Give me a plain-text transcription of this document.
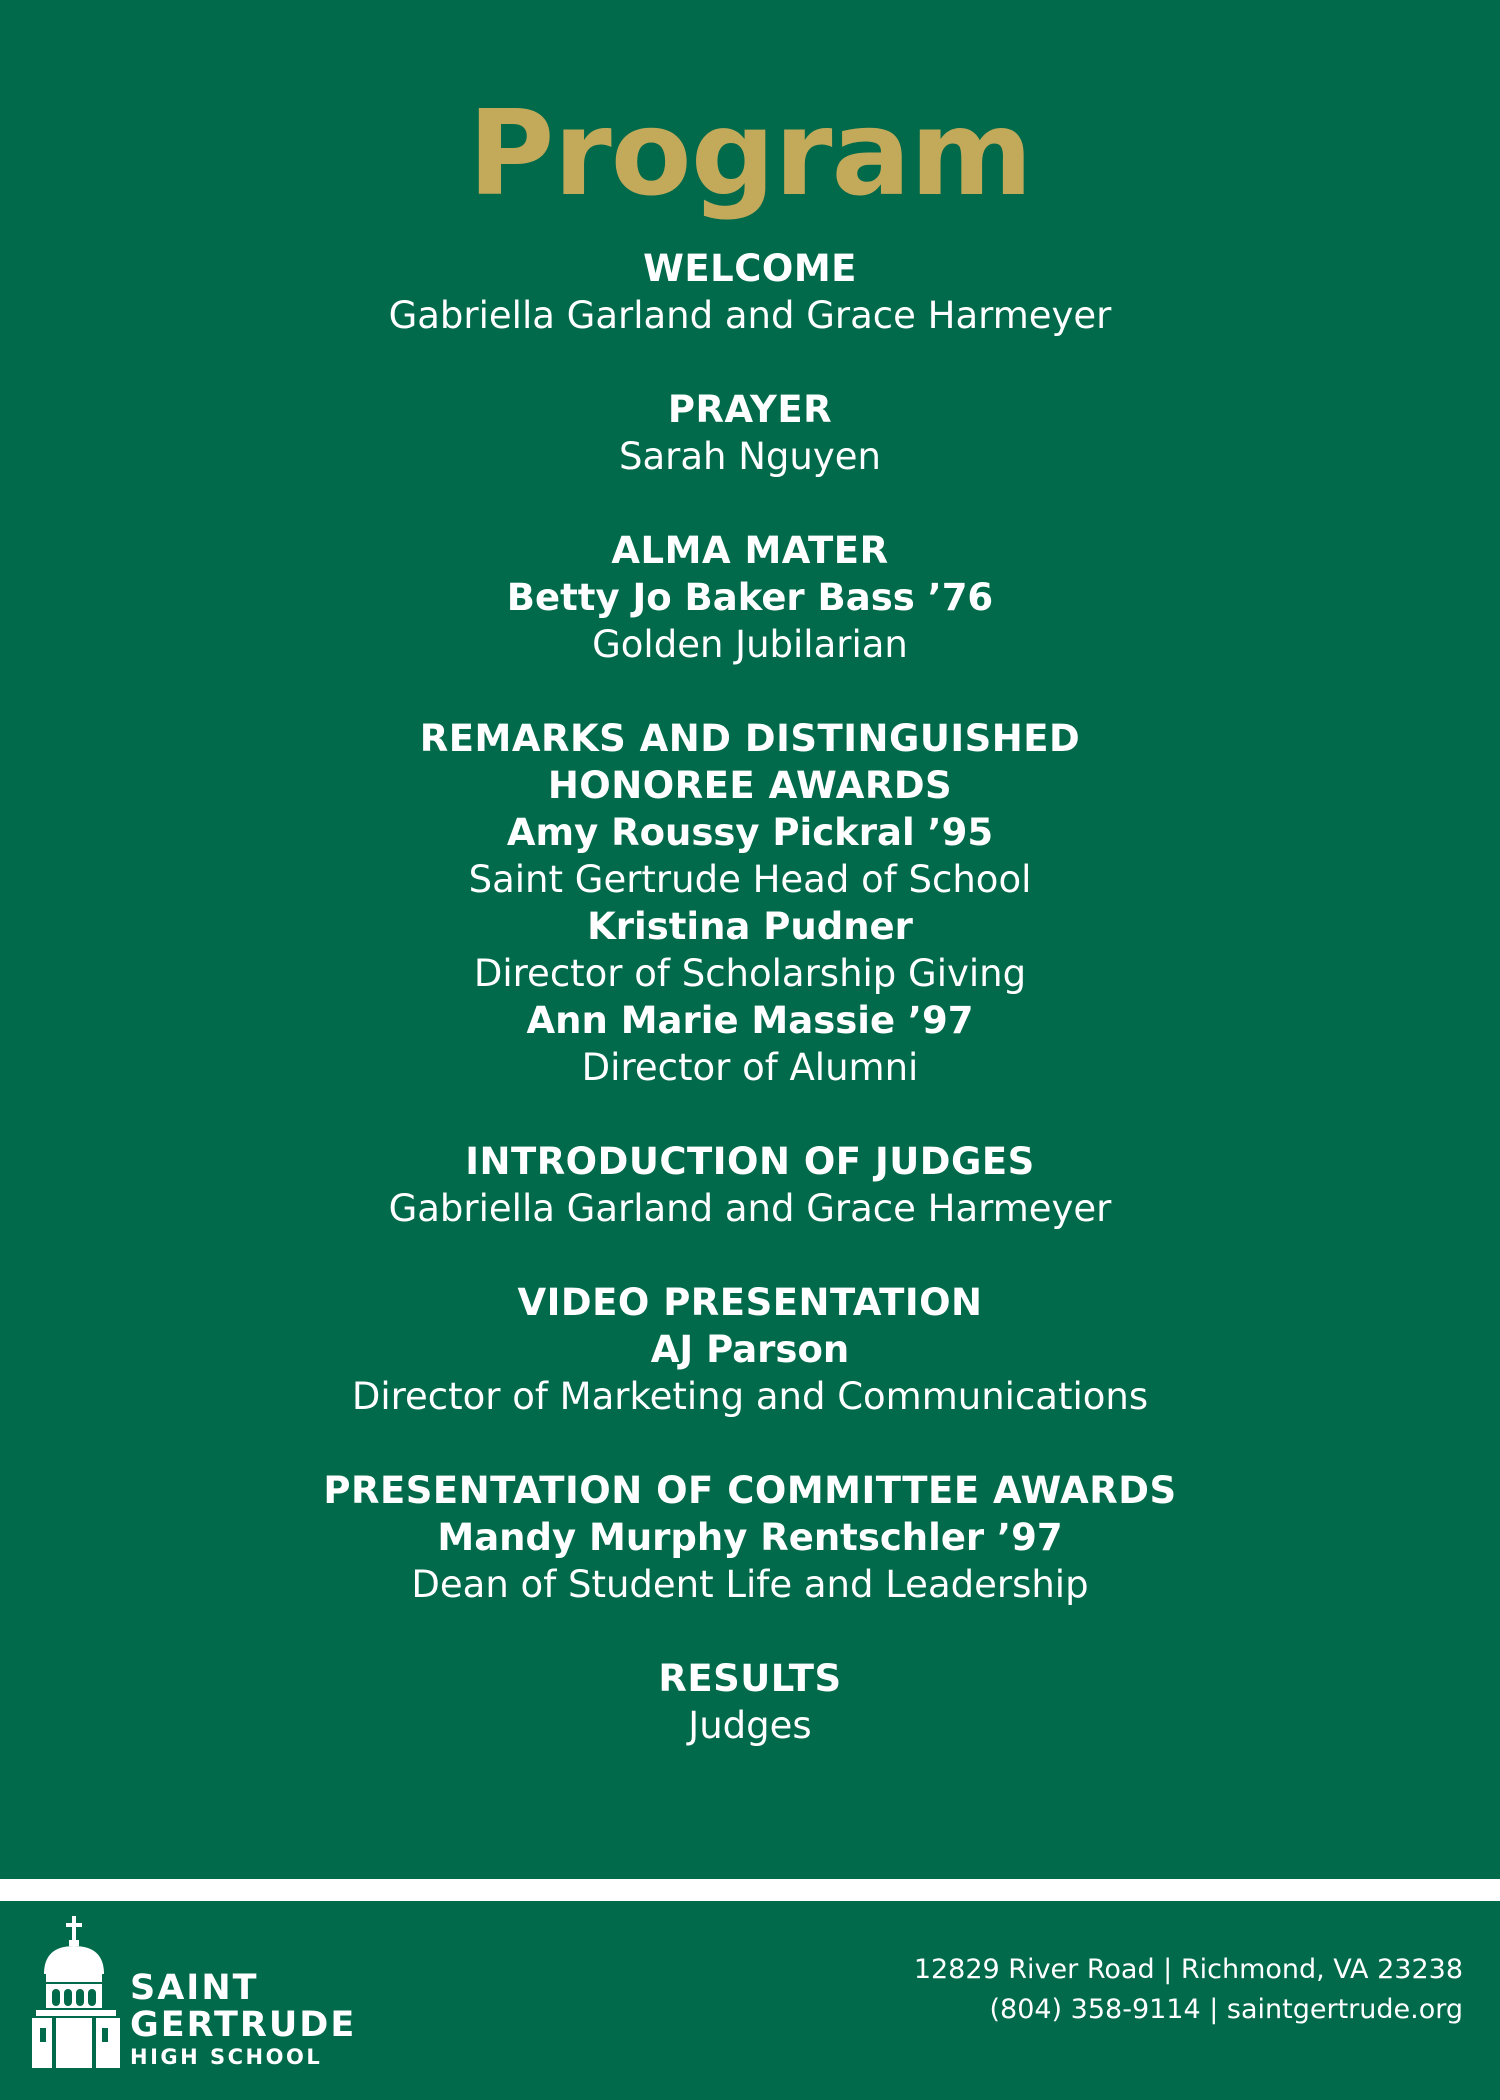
Program
WELCOME
Gabriella Garland and Grace Harmeyer
PRAYER
Sarah Nguyen
ALMA MATER
Betty Jo Baker Bass ’76
Golden Jubilarian
REMARKS AND DISTINGUISHED
HONOREE AWARDS
Amy Roussy Pickral ’95
Saint Gertrude Head of School
Kristina Pudner
Director of Scholarship Giving
Ann Marie Massie ’97
Director of Alumni
INTRODUCTION OF JUDGES
Gabriella Garland and Grace Harmeyer
VIDEO PRESENTATION
AJ Parson
Director of Marketing and Communications
PRESENTATION OF COMMITTEE AWARDS
Mandy Murphy Rentschler ’97
Dean of Student Life and Leadership
RESULTS
Judges
SAINT
GERTRUDE
HIGH SCHOOL
12829 River Road | Richmond, VA 23238
(804) 358-9114 | saintgertrude.org
